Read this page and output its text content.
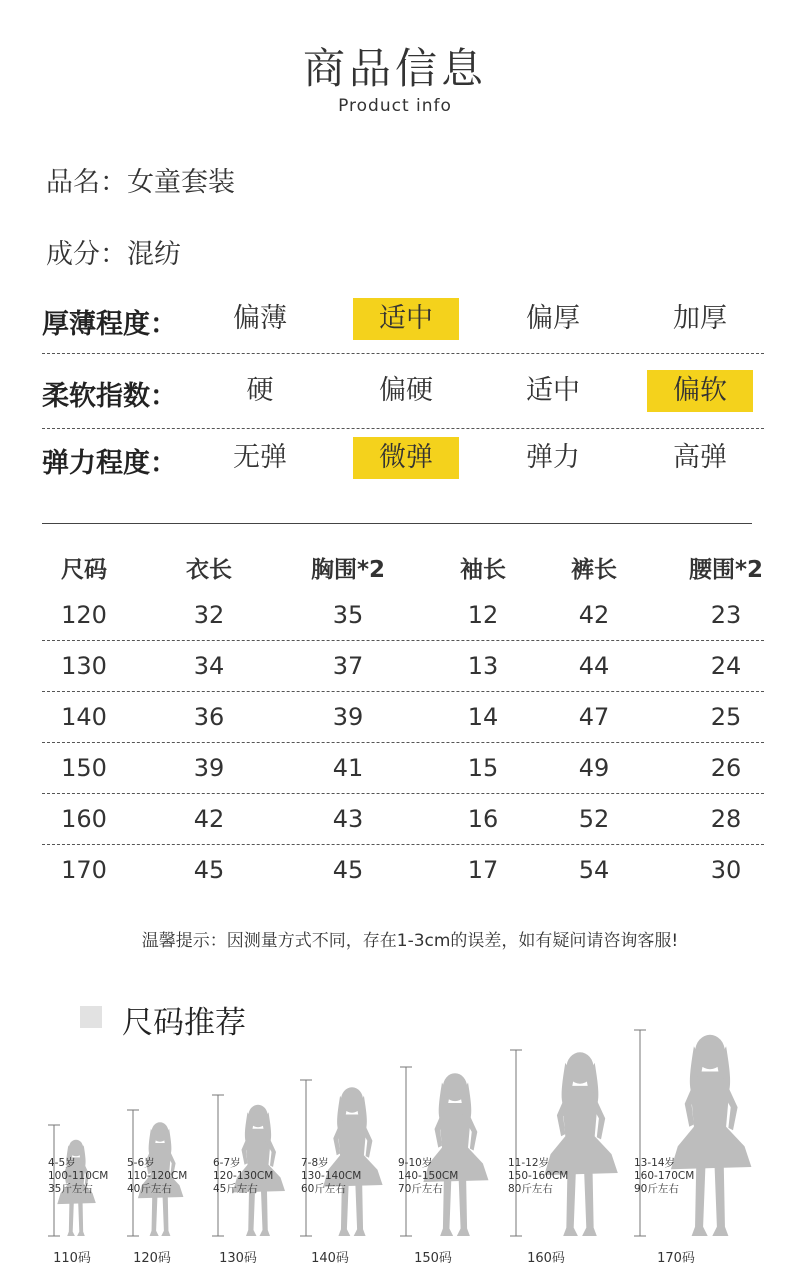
商品信息
Product info
品名：女童套装
成分：混纺
厚薄程度：	偏薄	适中	偏厚	加厚
柔软指数：	硬	偏硬	适中	偏软
弹力程度：	无弹	微弹	弹力	高弹
尺码	衣长	胸围*2	袖长	裤长	腰围*2
120	32	35	12	42	23
130	34	37	13	44	24
140	36	39	14	47	25
150	39	41	15	49	26
160	42	43	16	52	28
170	45	45	17	54	30
温馨提示：因测量方式不同，存在1-3cm的误差，如有疑问请咨询客服!
尺码推荐
4-5岁
100-110CM
35斤左右
110码
5-6岁
110-120CM
40斤左右
120码
6-7岁
120-130CM
45斤左右
130码
7-8岁
130-140CM
60斤左右
140码
9-10岁
140-150CM
70斤左右
150码
11-12岁
150-160CM
80斤左右
160码
13-14岁
160-170CM
90斤左右
170码
